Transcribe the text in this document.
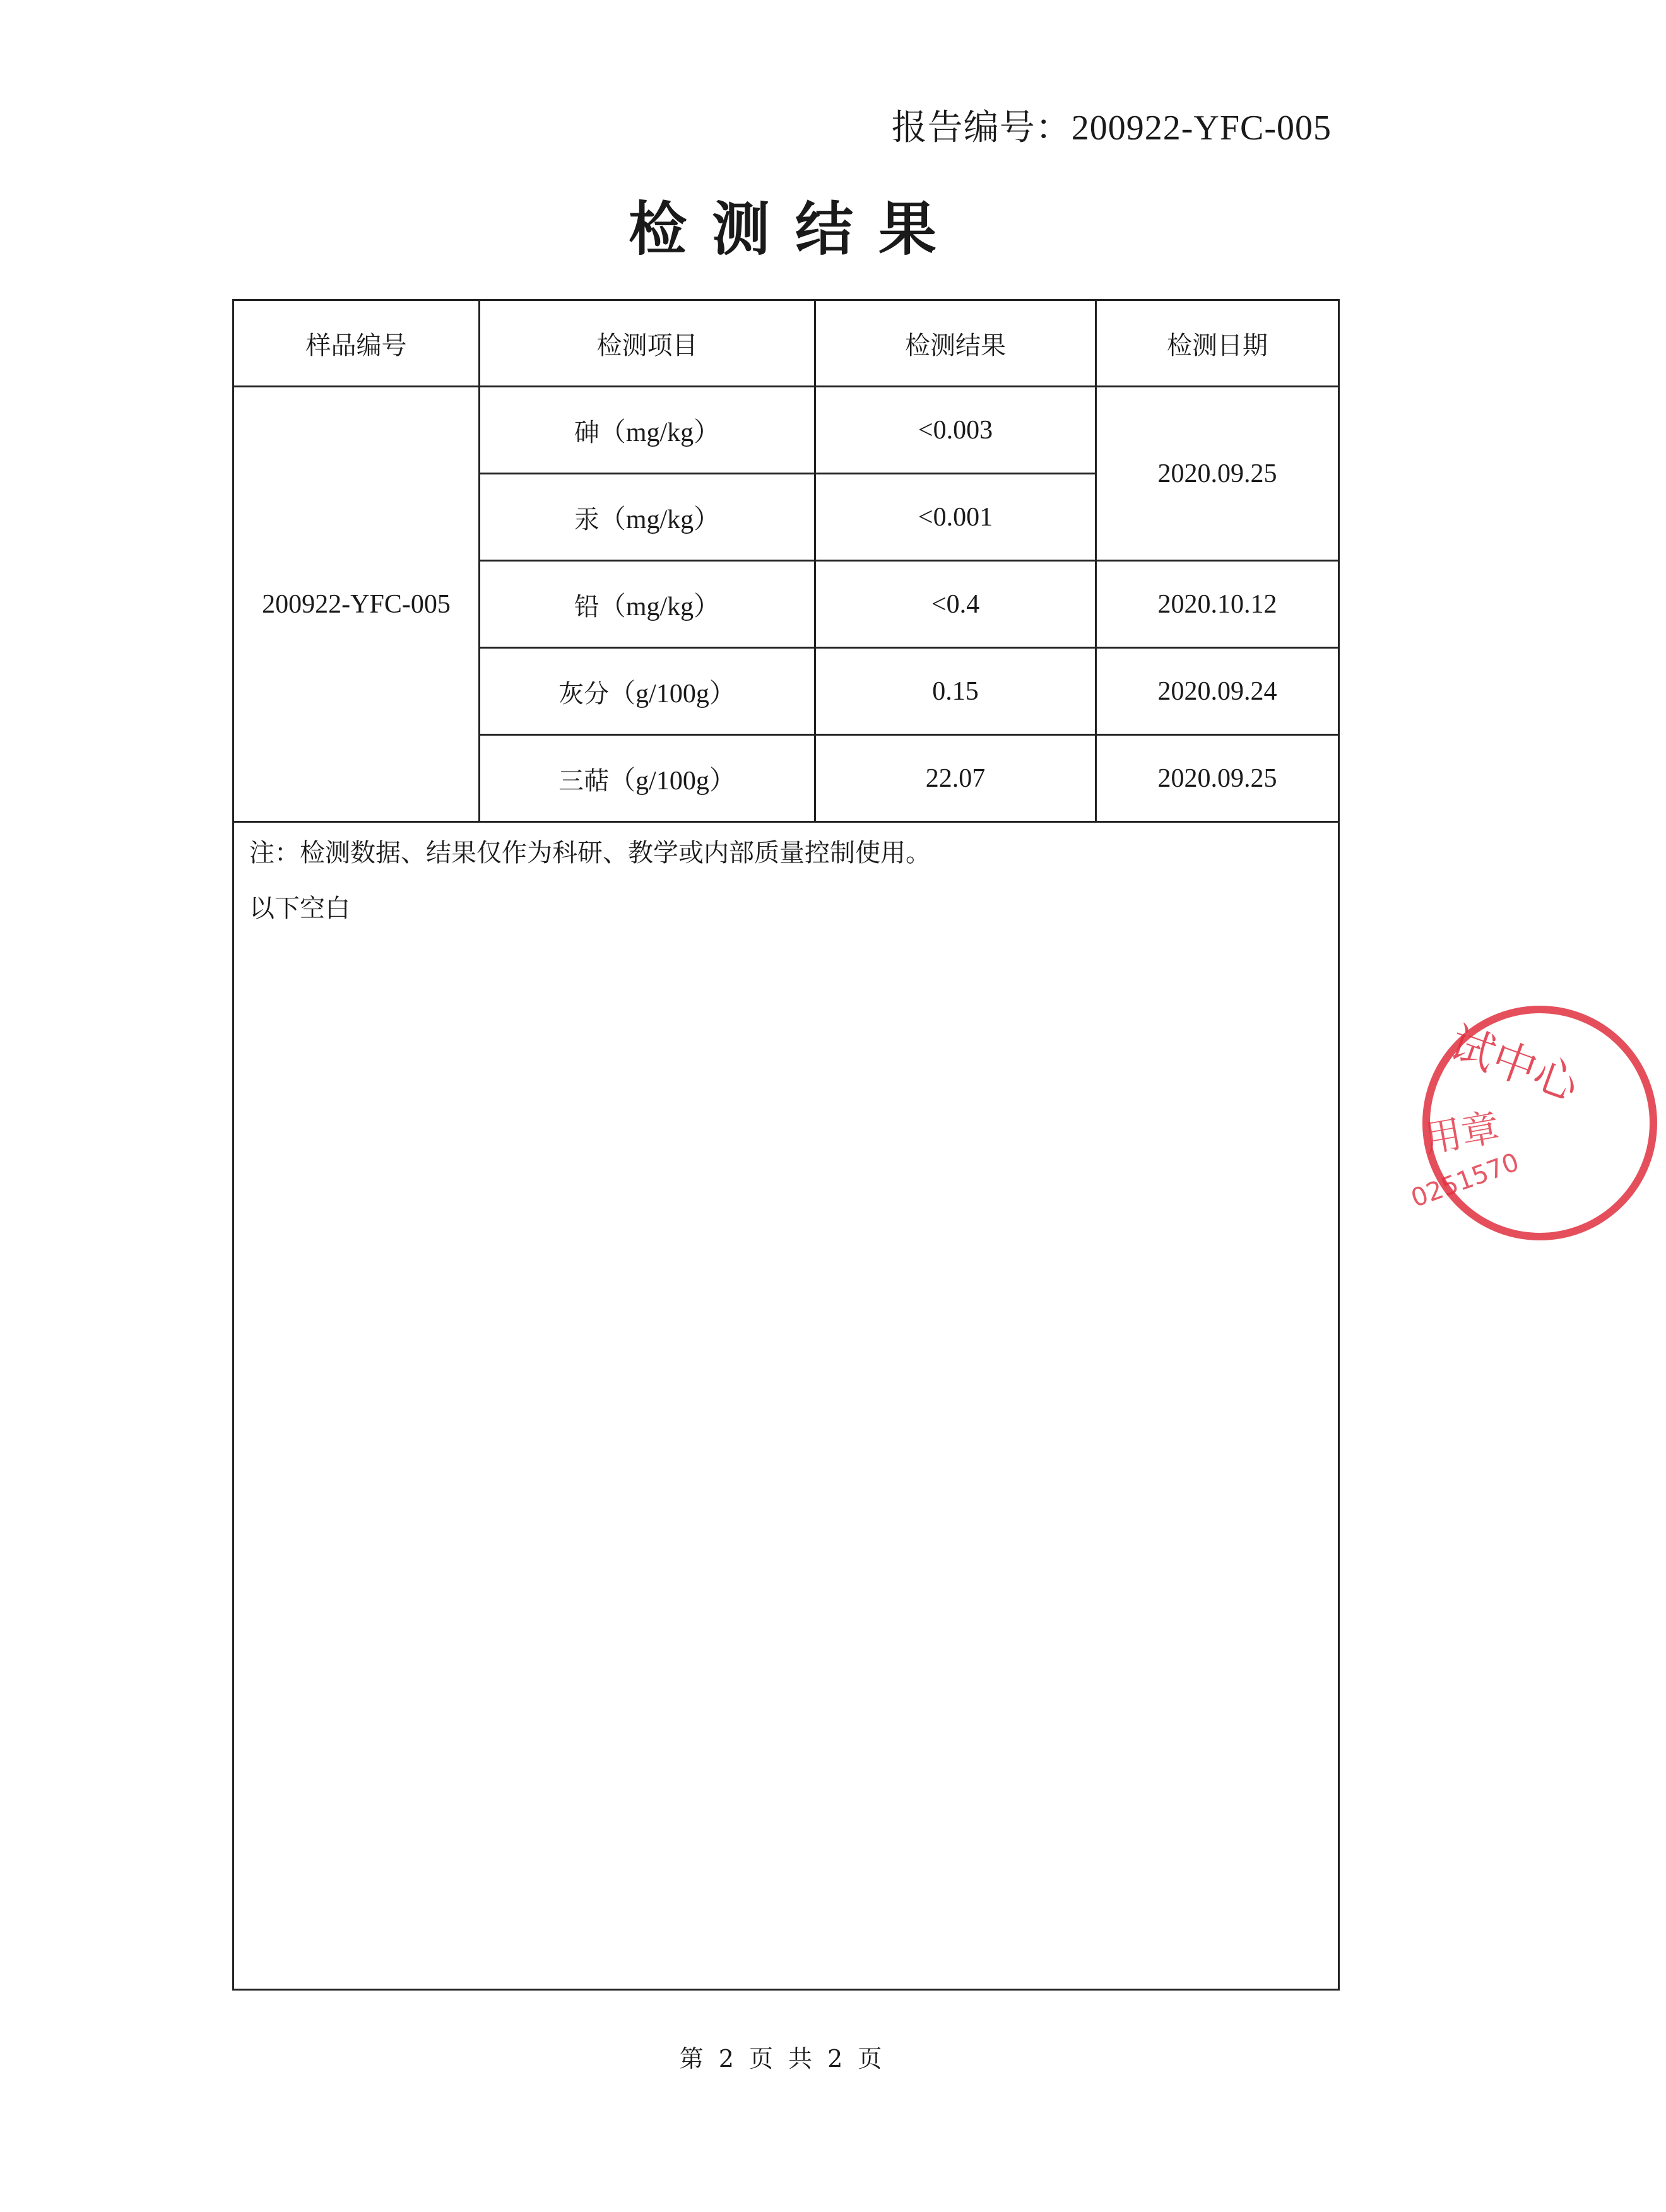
报告编号：200922-YFC-005
检测结果
样品编号	检测项目	检测结果	检测日期
200922-YFC-005	砷（mg/kg）	<0.003	2020.09.25
	汞（mg/kg）	<0.001	
	铅（mg/kg）	<0.4	2020.10.12
	灰分（g/100g）	0.15	2020.09.24
	三萜（g/100g）	22.07	2020.09.25

注：检测数据、结果仅作为科研、教学或内部质量控制使用。

以下空白			

第 2 页 共 2 页
试中心
用章
0251570
